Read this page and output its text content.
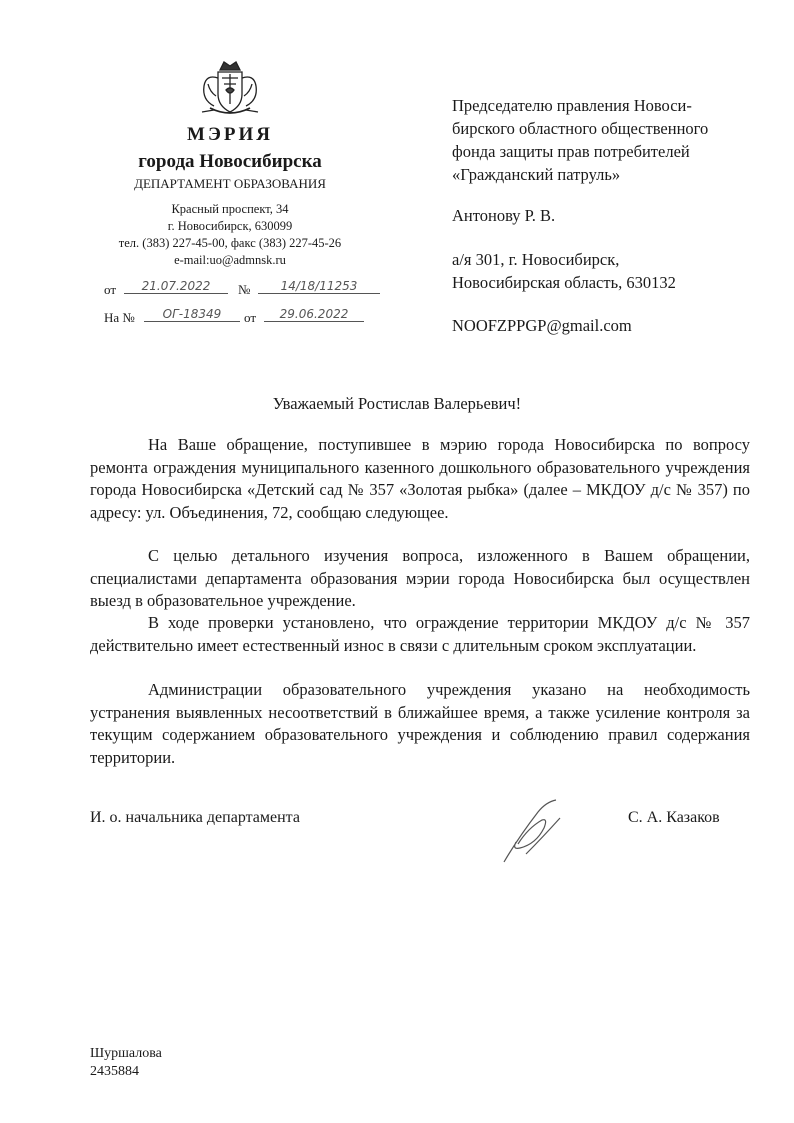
МЭРИЯ
города Новосибирска
ДЕПАРТАМЕНТ ОБРАЗОВАНИЯ
Красный проспект, 34
г. Новосибирск, 630099
тел. (383) 227-45-00, факс (383) 227-45-26
e-mail:uo@admnsk.ru
от	21.07.2022	№	14/18/11253
На №	ОГ-18349	от	29.06.2022
Председателю правления Новоси-
бирского областного общественного
фонда защиты прав потребителей
«Гражданский патруль»
Антонову Р. В.
а/я 301, г. Новосибирск,
Новосибирская область, 630132
NOOFZPPGP@gmail.com
Уважаемый Ростислав Валерьевич!

На Ваше обращение, поступившее в мэрию города Новосибирска по вопросу ремонта ограждения муниципального казенного дошкольного образовательного учреждения города Новосибирска «Детский сад № 357 «Золотая рыбка» (далее – МКДОУ д/с № 357) по адресу: ул. Объединения, 72, сообщаю следующее.

С целью детального изучения вопроса, изложенного в Вашем обращении, специалистами департамента образования мэрии города Новосибирска был осуществлен выезд в образовательное учреждение.

В ходе проверки установлено, что ограждение территории МКДОУ д/с № 357 действительно имеет естественный износ в связи с длительным сроком эксплуатации.

Администрации образовательного учреждения указано на необходимость устранения выявленных несоответствий в ближайшее время, а также усиление контроля за текущим содержанием образовательного учреждения и соблюдению правил содержания территории.

И. о. начальника департамента	С. А. Казаков
Шуршалова
2435884
